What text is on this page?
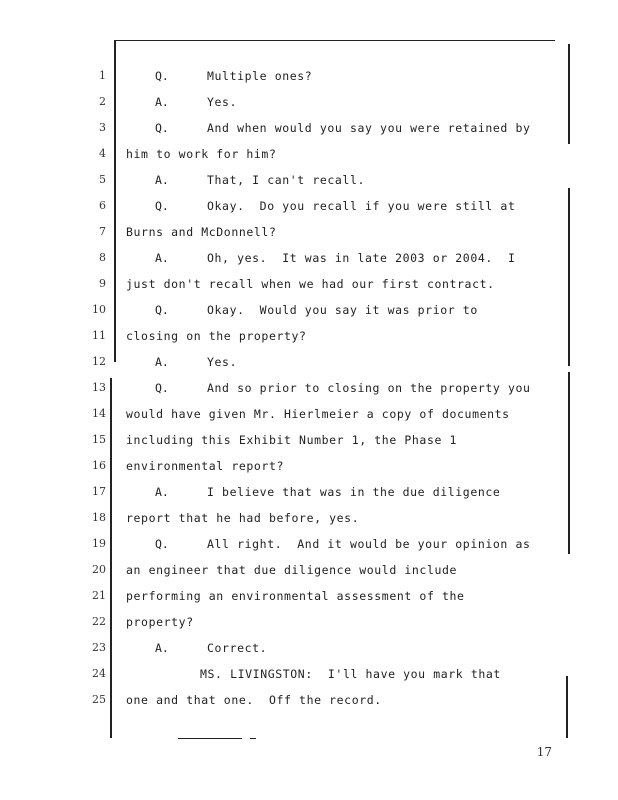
1	Q.	Multiple ones?
2	A.	Yes.
3	Q.	And when would you say you were retained by
4 him to work for him?
5	A.	That, I can't recall.
6	Q.	Okay.  Do you recall if you were still at
7 Burns and McDonnell?
8	A.	Oh, yes.  It was in late 2003 or 2004.  I
9 just don't recall when we had our first contract.
10	Q.	Okay.  Would you say it was prior to
11 closing on the property?
12	A.	Yes.
13	Q.	And so prior to closing on the property you
14 would have given Mr. Hierlmeier a copy of documents
15 including this Exhibit Number 1, the Phase 1
16 environmental report?
17	A.	I believe that was in the due diligence
18 report that he had before, yes.
19	Q.	All right.  And it would be your opinion as
20 an engineer that due diligence would include
21 performing an environmental assessment of the
22 property?
23	A.	Correct.
24	MS. LIVINGSTON:  I'll have you mark that
25 one and that one.  Off the record.
17
